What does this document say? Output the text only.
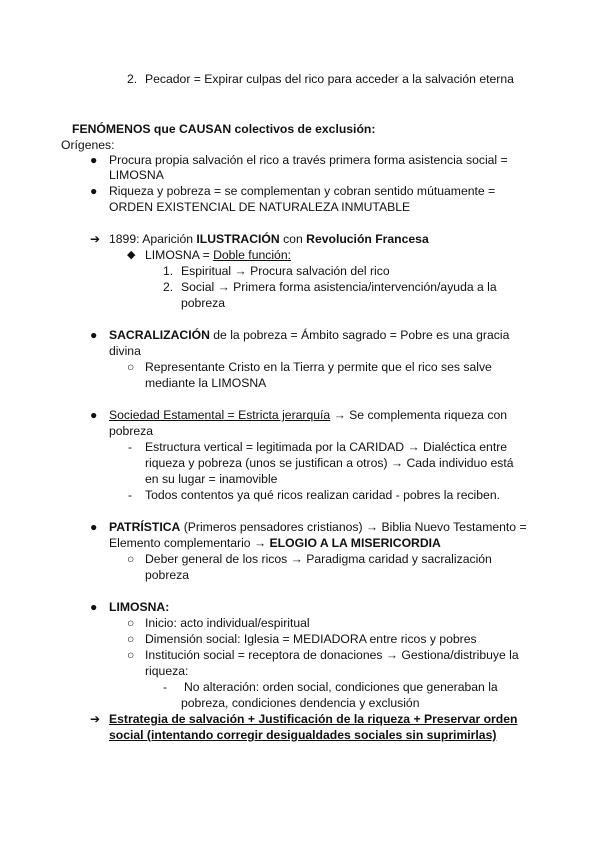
2. Pecador = Expirar culpas del rico para acceder a la salvación eterna
FENÓMENOS que CAUSAN colectivos de exclusión:
Orígenes:
● Procura propia salvación el rico a través primera forma asistencia social =
LIMOSNA
● Riqueza y pobreza = se complementan y cobran sentido mútuamente =
ORDEN EXISTENCIAL DE NATURALEZA INMUTABLE
➔ 1899: Aparición ILUSTRACIÓN con Revolución Francesa
◆ LIMOSNA = Doble función:
1. Espiritual → Procura salvación del rico
2. Social → Primera forma asistencia/intervención/ayuda a la
pobreza
● SACRALIZACIÓN de la pobreza = Ámbito sagrado = Pobre es una gracia
divina
○ Representante Cristo en la Tierra y permite que el rico ses salve
mediante la LIMOSNA
● Sociedad Estamental = Estricta jerarquía → Se complementa riqueza con
pobreza
- Estructura vertical = legitimada por la CARIDAD → Dialéctica entre
riqueza y pobreza (unos se justifican a otros) → Cada individuo está
en su lugar = inamovible
- Todos contentos ya qué ricos realizan caridad - pobres la reciben.
● PATRÍSTICA (Primeros pensadores cristianos) → Biblia Nuevo Testamento =
Elemento complementario → ELOGIO A LA MISERICORDIA
○ Deber general de los ricos → Paradigma caridad y sacralización
pobreza
● LIMOSNA:
○ Inicio: acto individual/espiritual
○ Dimensión social: Iglesia = MEDIADORA entre ricos y pobres
○ Institución social = receptora de donaciones → Gestiona/distribuye la
riqueza:
- No alteración: orden social, condiciones que generaban la
pobreza, condiciones dendencia y exclusión
➔ Estrategia de salvación + Justificación de la riqueza + Preservar orden
social (intentando corregir desigualdades sociales sin suprimirlas)
